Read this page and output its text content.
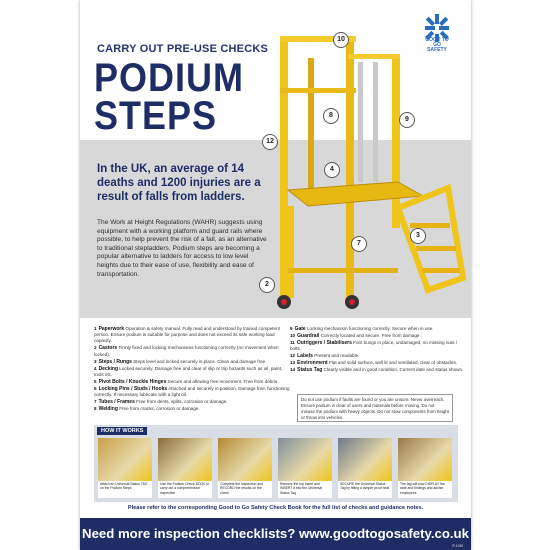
CARRY OUT PRE-USE CHECKS
PODIUM
STEPS
GOOD TO GO SAFETY
In the UK, an average of 14 deaths and 1200 injuries are a result of falls from ladders.
The Work at Height Regulations (WAHR) suggests using equipment with a working platform and guard rails where possible, to help prevent the risk of a fall, as an alternative to traditional stepladders. Podium steps are becoming a popular alternative to ladders for access to low level heights due to their ease of use, flexibility and ease of transportation.
10
8
9
12
4
3
7
2
1 Paperwork Operation & safety manual. Fully read and understood by trained competent person. Ensure podium is suitable for purpose and does not exceed its safe working load capacity.
2 Castors Firmly fixed and locking mechanisms functioning correctly (no movement when locked).
3 Steps / Rungs Steps level and locked securely in place. Clean and damage free.
4 Decking Locked securely. Damage free and clear of slip or trip hazards such as oil, paint, tools etc.
5 Pivot Bolts / Knuckle Hinges Secure and allowing free movement. Free from debris.
6 Locking Pins / Studs / Hooks Attached and securely in position. Damage free, functioning correctly. If necessary lubricate with a light oil.
7 Tubes / Frames Free from dents, splits, corrosion or damage.
8 Welding Free from cracks, corrosion or damage.
9 Gate Locking mechanism functioning correctly. Secure when in use.
10 Guardrail Correctly located and secure. Free from damage.
11 Outriggers / Stabilisers Foot bungs in place, undamaged, no missing nuts / bolts.
12 Labels Present and readable.
13 Environment Flat and solid surface, well lit and ventilated, clear of obstacles.
14 Status Tag Clearly visible and in good condition. Current date and status shown.
Do not use podium if faults are found or you are unsure. Never overreach. Ensure podium is clear of users and materials before moving. Do not misuse the podium with heavy objects. Do not stow components from height or throw into vehicles.
HOW IT WORKS
Attach an Universal Status TAG on the Podium Steps
Use the Podium Check BOOK to carry out a comprehensive inspection
Complete the inspection and RECORD the results on the check
Remove the top insert and INSERT it into the Universal Status Tag
SECURE the Universal Status Tag by fitting a tamper proof seal
The tag will now DISPLAY the date and findings and advise employees
Please refer to the corresponding Good to Go Safety Check Book for the full list of checks and guidance notes.
Need more inspection checklists? www.goodtogosafety.co.uk
IP-1059
